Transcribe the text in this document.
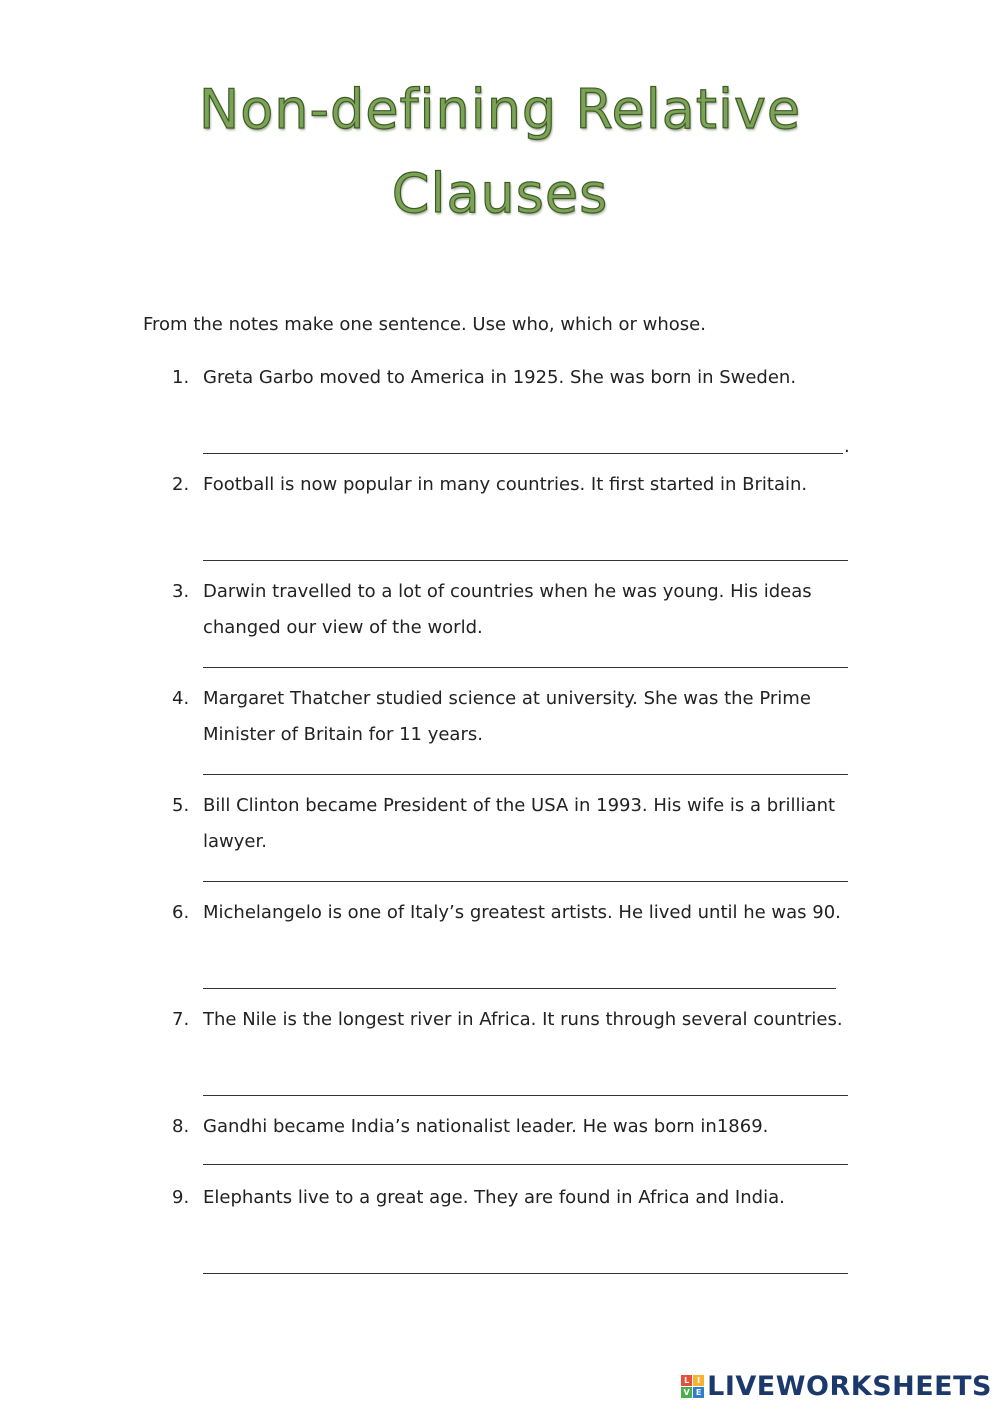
Non-defining Relative
Clauses

From the notes make one sentence. Use who, which or whose.

1. Greta Garbo moved to America in 1925. She was born in Sweden.

.
2. Football is now popular in many countries. It first started in Britain.

3. Darwin travelled to a lot of countries when he was young. His ideas changed our view of the world.

4. Margaret Thatcher studied science at university. She was the Prime Minister of Britain for 11 years.

5. Bill Clinton became President of the USA in 1993. His wife is a brilliant lawyer.

6. Michelangelo is one of Italy’s greatest artists. He lived until he was 90.

7. The Nile is the longest river in Africa. It runs through several countries.

8. Gandhi became India’s nationalist leader. He was born in1869.

9. Elephants live to a great age. They are found in Africa and India.

L I
V E LIVEWORKSHEETS
